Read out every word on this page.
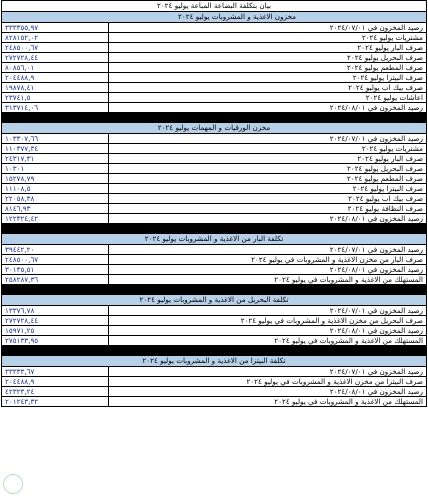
بيان بتكلفة البضاعة المباعة يوليو ٢٠٢٤
مخزون الاغذية و المشروبات يوليو ٢٠٢٤
٣٣٣٣٥٥,٩٧	رصيد المخزون في ٢٠٢٤/٠٧/٠١
٨٢٨١٥٢,٠٢	مشتريات يوليو ٢٠٢٤
٢٤٨٥٠٠,٦٧	صرف البار يوليو ٢٠٢٤
٢٧٢٧٢٨,٤٤	صرف البحريل يوليو ٢٠٢٤
٨٠٨٥٦,٠١	صرف المطعم يوليو ٢٠٢٤
٢٠٤٤٨٨,٩	صرف البيتزا يوليو ٢٠٢٤
١٩٨٧٨,٤١	صرف بيك اب يوليو ٢٠٢٤
٢٣٧٤١,٥	اعاشات يوليو ٢٠٢٤
٣١٣٧١٤,٠٦	رصيد المخزون في ٢٠٢٤/٠٨/٠١
مخزن الورقيات و المهمات يوليو ٢٠٢٤
١٠٣٣٠٧,٦٦	رصيد المخزون في ٢٠٢٤/٠٧/٠١
١١٠٣٧٧,٣٤	مشتريات يوليو ٢٠٢٤
٢٤٣١٧,٣١	صرف البار يوليو ٢٠٢٤
١٠٣٠١	صرف البحريل يوليو ٢٠٢٤
١٥٢٧٨,٧٩	صرف المطعم يوليو ٢٠٢٤
١١١٠٨,٥	صرف البيتزا يوليو ٢٠٢٤
٢٢٠٥٨,٣٨	صرف بيك اب يوليو ٢٠٢٤
٨١٤٦,٩٣	صرف النظافة يوليو ٢٠٢٤
١٢٢٣٢٤,٤٢	رصيد المخزون في ٢٠٢٤/٠٨/٠١
تكلفة البار من الاغذية و المشروبات يوليو ٢٠٢٤
٣٩٤٤٢,٢٠	رصيد المخزون في ٢٠٢٤/٠٧/٠١
٢٤٨٥٠٠,٦٧	صرف البار من مخزن الاغذية و المشروبات في يوليو ٢٠٢٤
٣٠١٣٥,٥١	رصيد المخزون في ٢٠٢٤/٠٨/٠١
٢٥٨٢٨٧,٣٦	المستهلك من الاغذية و المشروبات في يوليو ٢٠٢٤
تكلفة البحريل من الاغذية و المشروبات يوليو ٢٠٢٤
١٣٣٧٦,٧٨	رصيد المخزون في ٢٠٢٤/٠٧/٠١
٢٧٢٧٢٨,٤٤	صرف البحريل من مخزن الاغذية و المشروبات في يوليو ٢٠٢٤
١٥٩٧١,٢٥	رصيد المخزون في ٢٠٢٤/٠٨/٠١
٢٧٥١٣٣,٩٥	المستهلك من الاغذية و المشروبات في يوليو ٢٠٢٤
تكلفة البيتزا من الاغذية و المشروبات يوليو ٢٠٢٤
٣٣٣٣٣,٦٧	رصيد المخزون في ٢٠٢٤/٠٧/٠١
٢٠٤٤٨٨,٩	صرف البيتزا من مخزن الاغذية و المشروبات في يوليو ٢٠٢٤
٤٢٣٢٣,٢٤	رصيد المخزون في ٢٠٢٤/٠٨/٠١
٢٠١٢٤٣,٣٢	المستهلك من الاغذية و المشروبات في يوليو ٢٠٢٤
